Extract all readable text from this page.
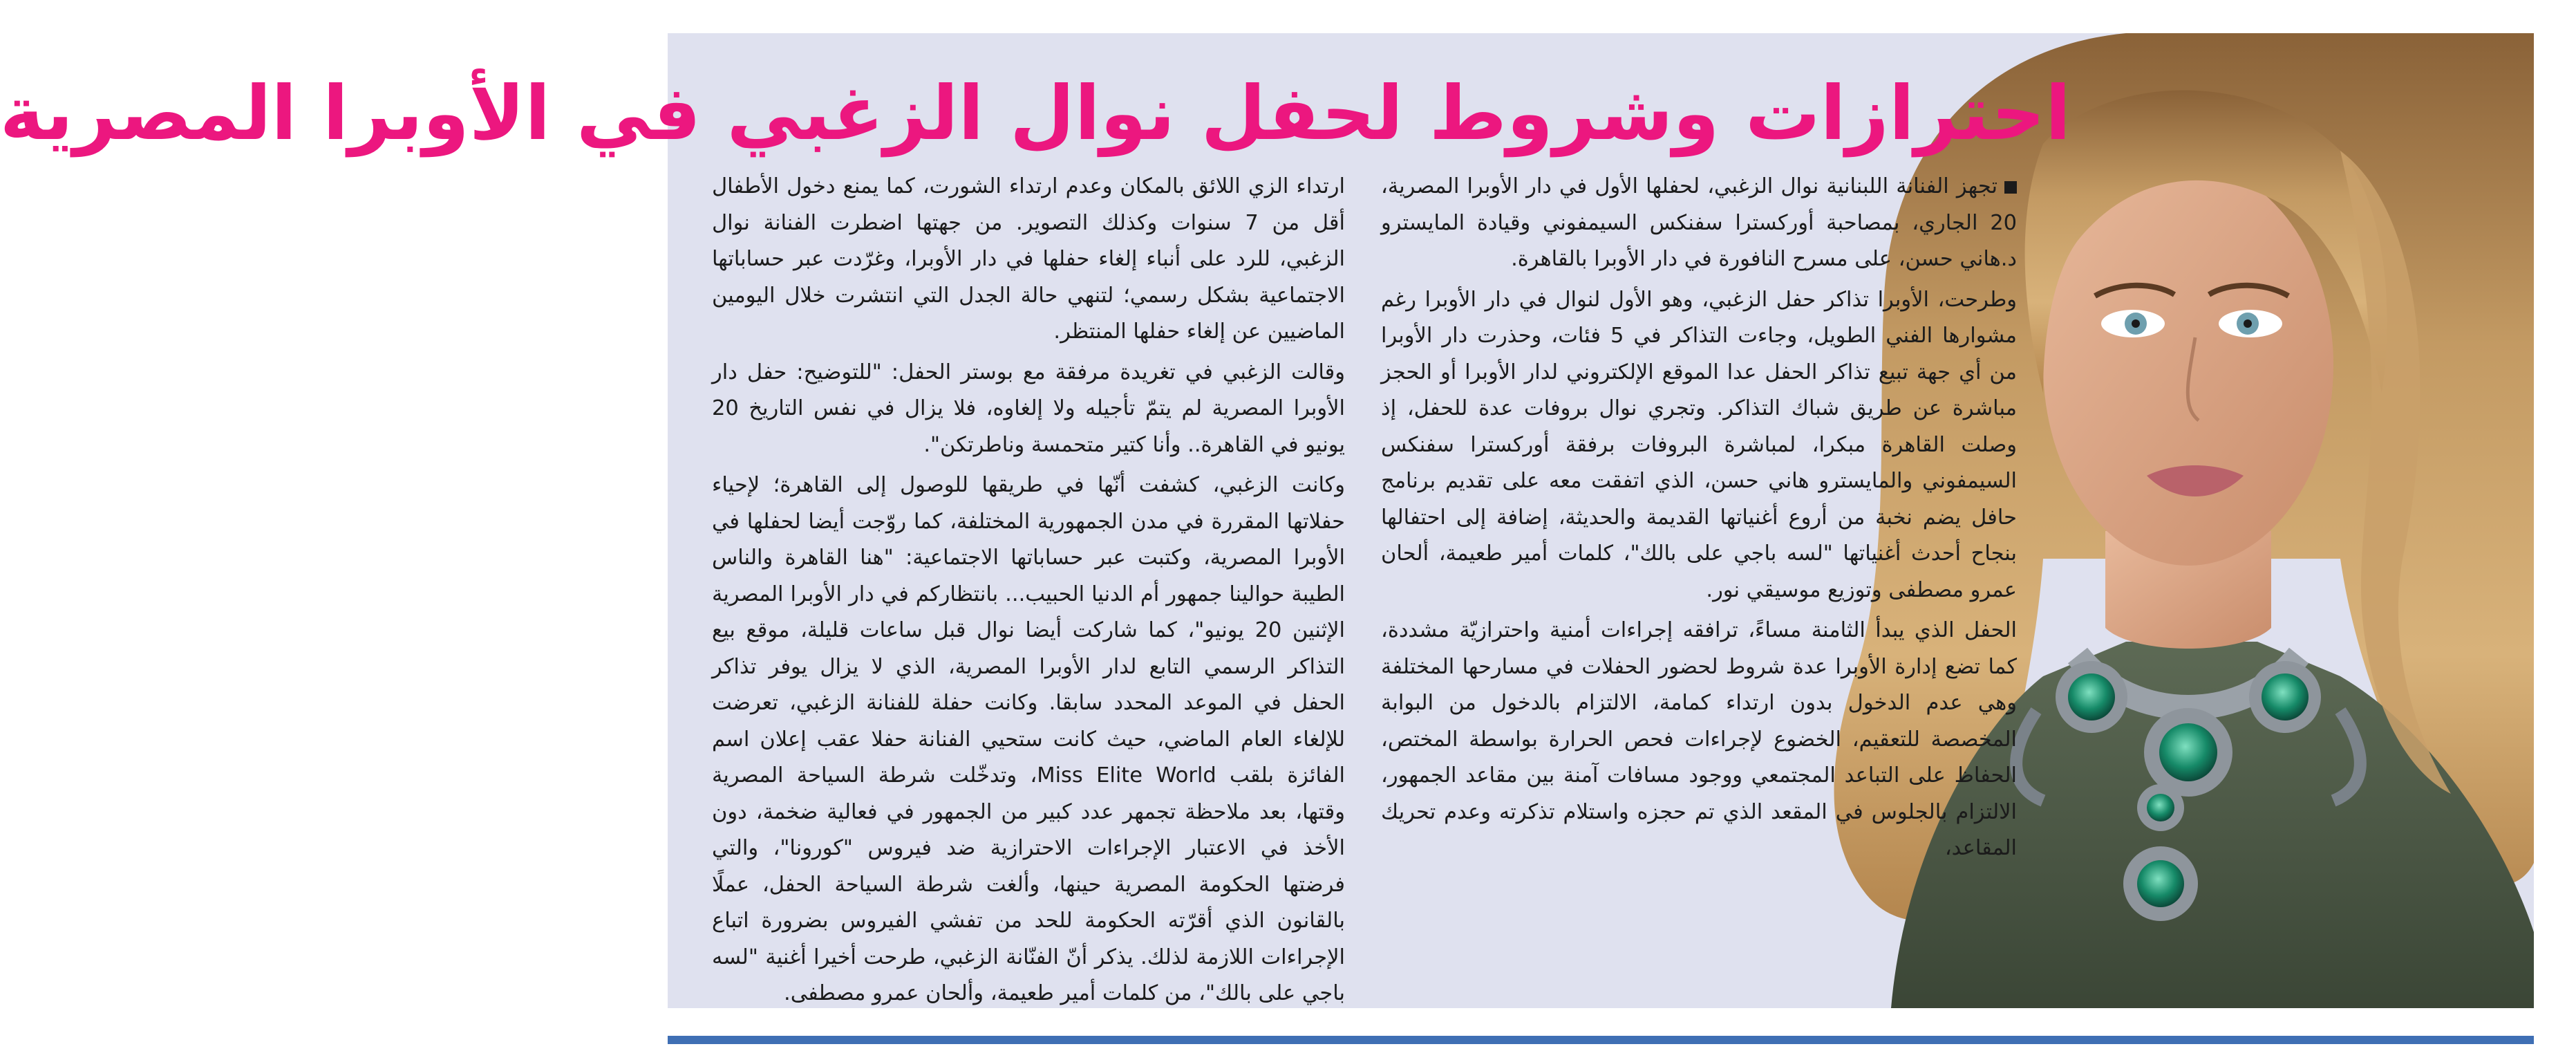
احترازات وشروط لحفل نوال الزغبي في الأوبرا المصرية

تجهز الفنانة اللبنانية نوال الزغبي، لحفلها الأول في دار الأوبرا المصرية، 20 الجاري، بمصاحبة أوركسترا سفنكس السيمفوني وقيادة المايسترو د.هاني حسن، على مسرح النافورة في دار الأوبرا بالقاهرة.

وطرحت، الأوبرا تذاكر حفل الزغبي، وهو الأول لنوال في دار الأوبرا رغم مشوارها الفني الطويل، وجاءت التذاكر في 5 فئات، وحذرت دار الأوبرا من أي جهة تبيع تذاكر الحفل عدا الموقع الإلكتروني لدار الأوبرا أو الحجز مباشرة عن طريق شباك التذاكر. وتجري نوال بروفات عدة للحفل، إذ وصلت القاهرة مبكرا، لمباشرة البروفات برفقة أوركسترا سفنكس السيمفوني والمايسترو هاني حسن، الذي اتفقت معه على تقديم برنامج حافل يضم نخبة من أروع أغنياتها القديمة والحديثة، إضافة إلى احتفالها بنجاح أحدث أغنياتها "لسه باجي على بالك"، كلمات أمير طعيمة، ألحان عمرو مصطفى وتوزيع موسيقي نور.

الحفل الذي يبدأ الثامنة مساءً، ترافقه إجراءات أمنية واحترازيّة مشددة، كما تضع إدارة الأوبرا عدة شروط لحضور الحفلات في مسارحها المختلفة وهي عدم الدخول بدون ارتداء كمامة، الالتزام بالدخول من البوابة المخصصة للتعقيم، الخضوع لإجراءات فحص الحرارة بواسطة المختص، الحفاظ على التباعد المجتمعي ووجود مسافات آمنة بين مقاعد الجمهور، الالتزام بالجلوس في المقعد الذي تم حجزه واستلام تذكرته وعدم تحريك المقاعد،

ارتداء الزي اللائق بالمكان وعدم ارتداء الشورت، كما يمنع دخول الأطفال أقل من 7 سنوات وكذلك التصوير. من جهتها اضطرت الفنانة نوال الزغبي، للرد على أنباء إلغاء حفلها في دار الأوبرا، وغرّدت عبر حساباتها الاجتماعية بشكل رسمي؛ لتنهي حالة الجدل التي انتشرت خلال اليومين الماضيين عن إلغاء حفلها المنتظر.

وقالت الزغبي في تغريدة مرفقة مع بوستر الحفل: "للتوضيح: حفل دار الأوبرا المصرية لم يتمّ تأجيله ولا إلغاوه، فلا يزال في نفس التاريخ 20 يونيو في القاهرة.. وأنا كتير متحمسة وناطرتكن".

وكانت الزغبي، كشفت أنّها في طريقها للوصول إلى القاهرة؛ لإحياء حفلاتها المقررة في مدن الجمهورية المختلفة، كما روّجت أيضا لحفلها في الأوبرا المصرية، وكتبت عبر حساباتها الاجتماعية: "هنا القاهرة والناس الطيبة حوالينا جمهور أم الدنيا الحبيب... بانتظاركم في دار الأوبرا المصرية الإثنين 20 يونيو"، كما شاركت أيضا نوال قبل ساعات قليلة، موقع بيع التذاكر الرسمي التابع لدار الأوبرا المصرية، الذي لا يزال يوفر تذاكر الحفل في الموعد المحدد سابقا. وكانت حفلة للفنانة الزغبي، تعرضت للإلغاء العام الماضي، حيث كانت ستحيي الفنانة حفلا عقب إعلان اسم الفائزة بلقب Miss Elite World، وتدخّلت شرطة السياحة المصرية وقتها، بعد ملاحظة تجمهر عدد كبير من الجمهور في فعالية ضخمة، دون الأخذ في الاعتبار الإجراءات الاحترازية ضد فيروس "كورونا"، والتي فرضتها الحكومة المصرية حينها، وألغت شرطة السياحة الحفل، عملًا بالقانون الذي أقرّته الحكومة للحد من تفشي الفيروس بضرورة اتباع الإجراءات اللازمة لذلك. يذكر أنّ الفنّانة الزغبي، طرحت أخيرا أغنية "لسه باجي على بالك"، من كلمات أمير طعيمة، وألحان عمرو مصطفى.
